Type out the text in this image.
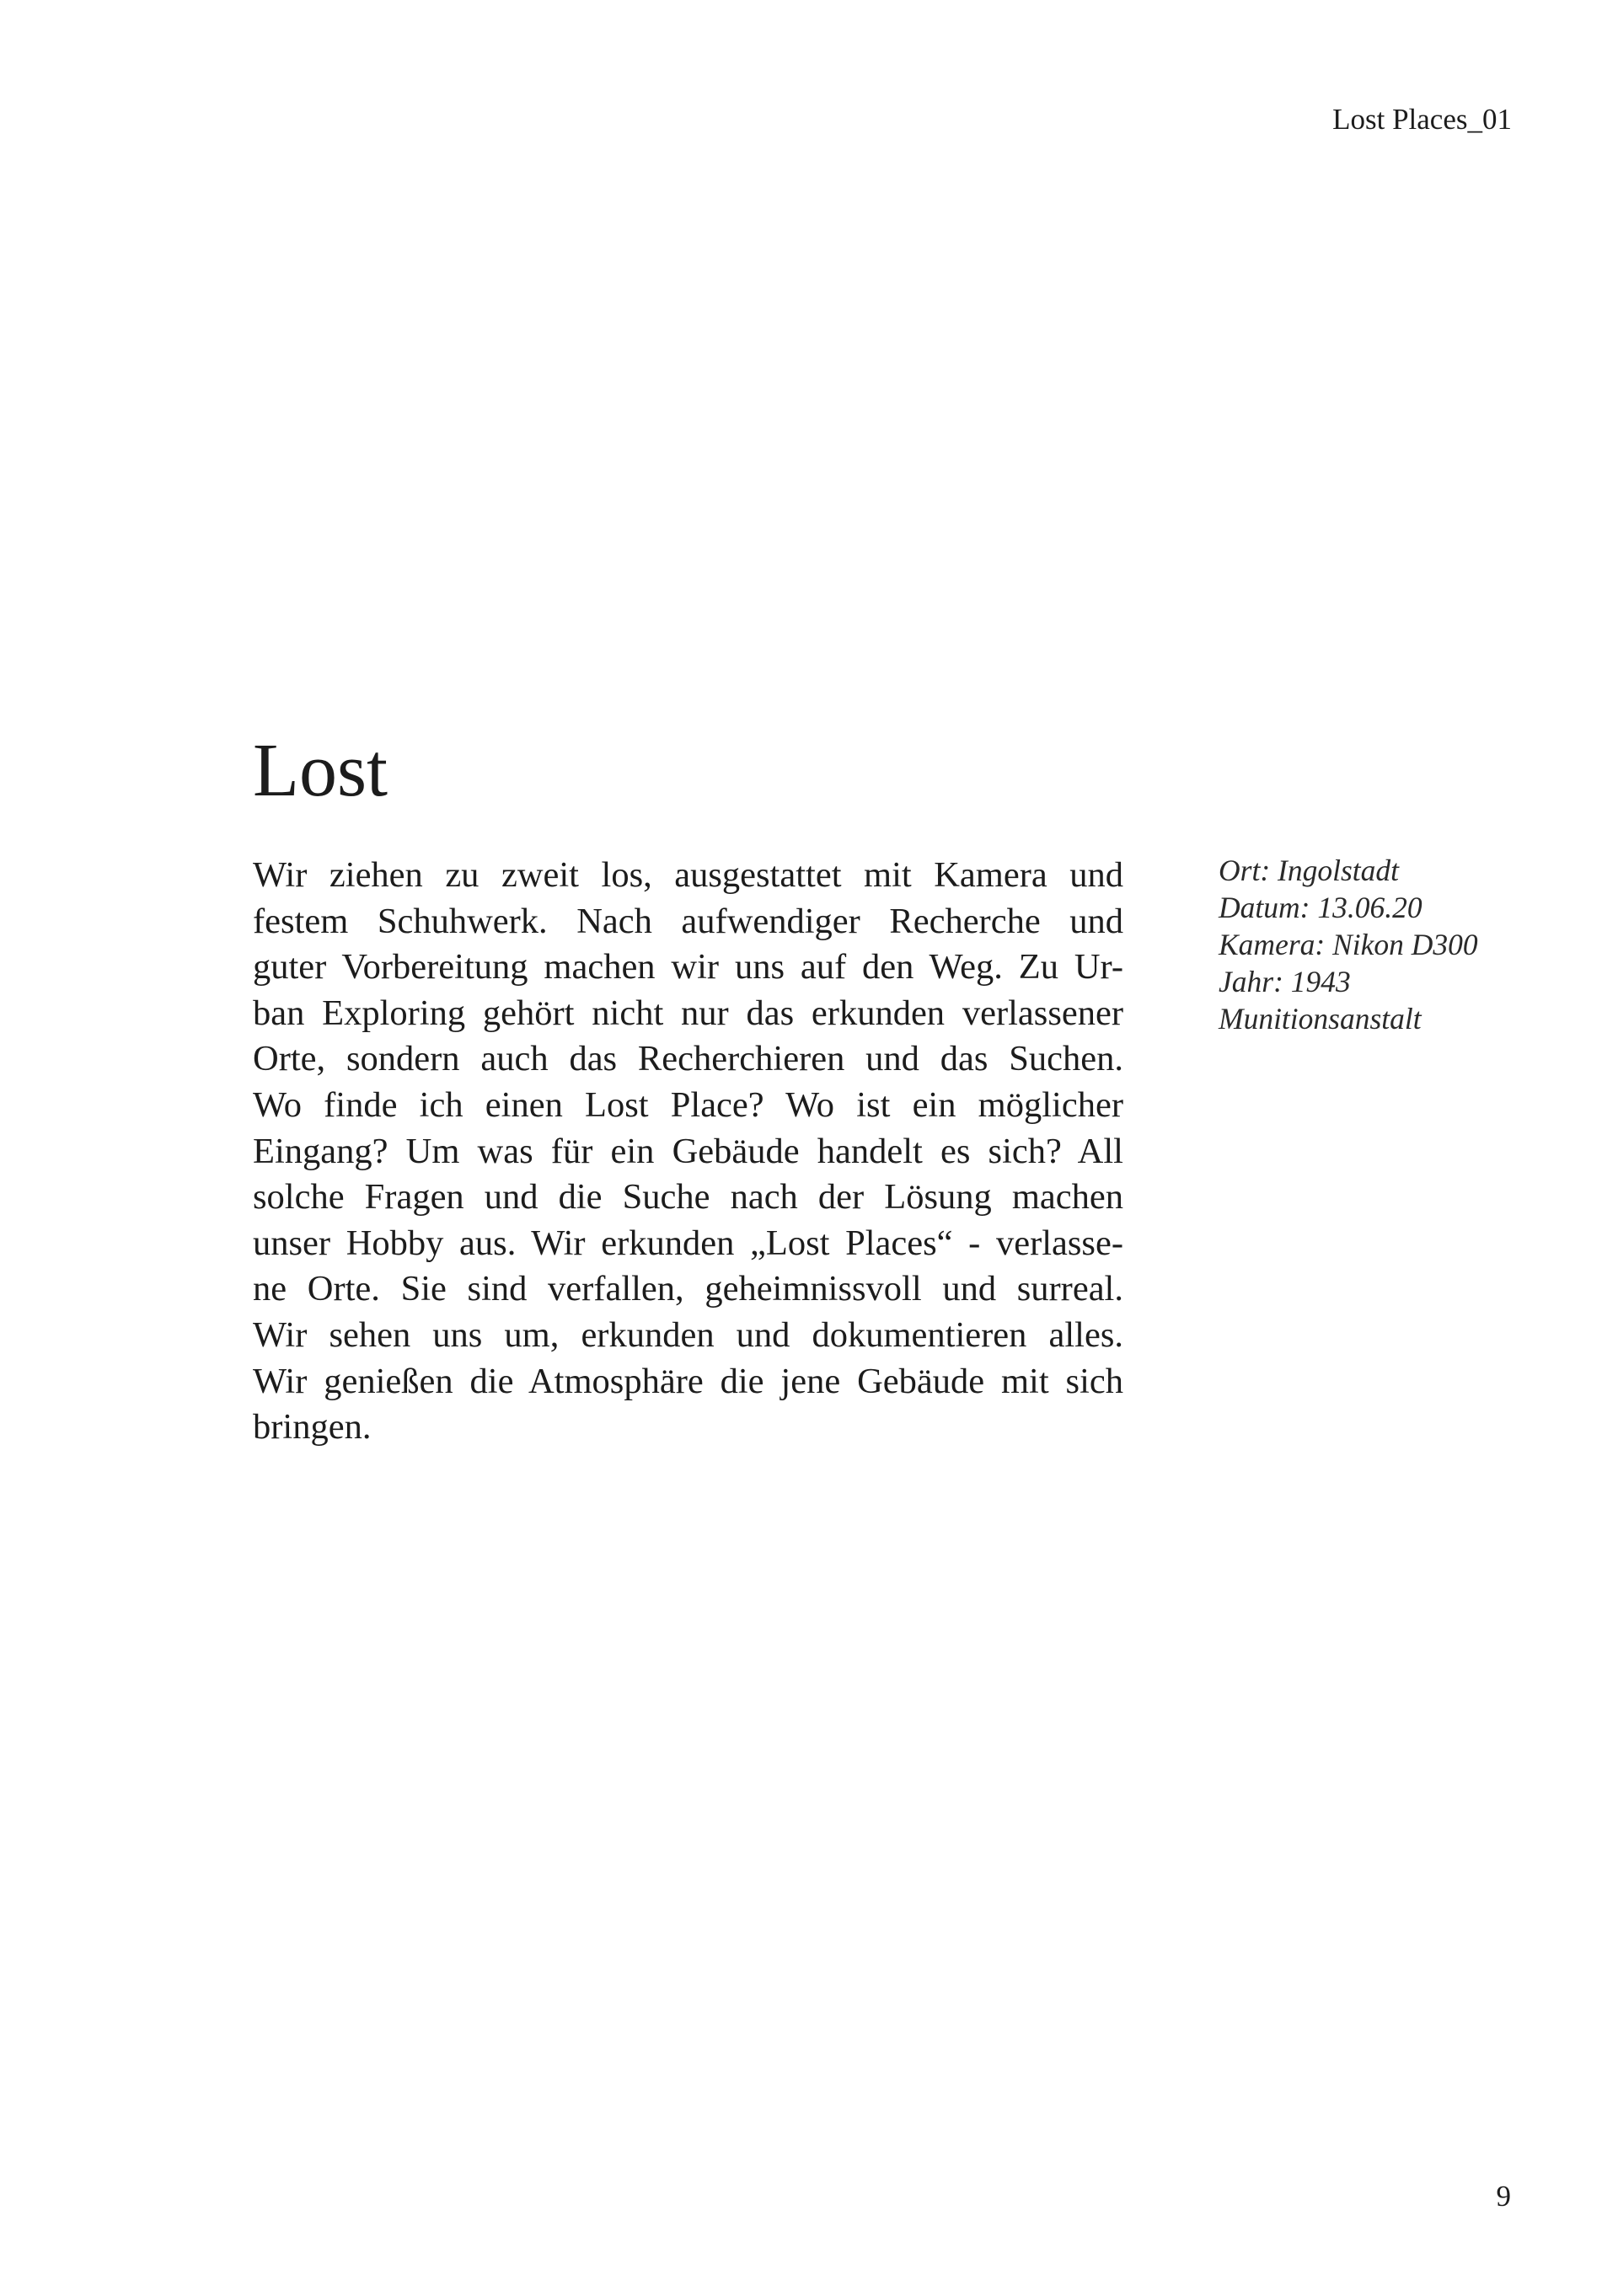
Lost Places_01
Lost
Wir ziehen zu zweit los, ausgestattet mit Kamera und
festem Schuhwerk. Nach aufwendiger Recherche und
guter Vorbereitung machen wir uns auf den Weg. Zu Ur-
ban Exploring gehört nicht nur das erkunden verlassener
Orte, sondern auch das Recherchieren und das Suchen.
Wo finde ich einen Lost Place? Wo ist ein möglicher
Eingang? Um was für ein Gebäude handelt es sich? All
solche Fragen und die Suche nach der Lösung machen
unser Hobby aus. Wir erkunden „Lost Places“ - verlasse-
ne Orte. Sie sind verfallen, geheimnissvoll und surreal.
Wir sehen uns um, erkunden und dokumentieren alles.
Wir genießen die Atmosphäre die jene Gebäude mit sich
bringen.
Ort: Ingolstadt
Datum: 13.06.20
Kamera: Nikon D300
Jahr: 1943
Munitionsanstalt
9
